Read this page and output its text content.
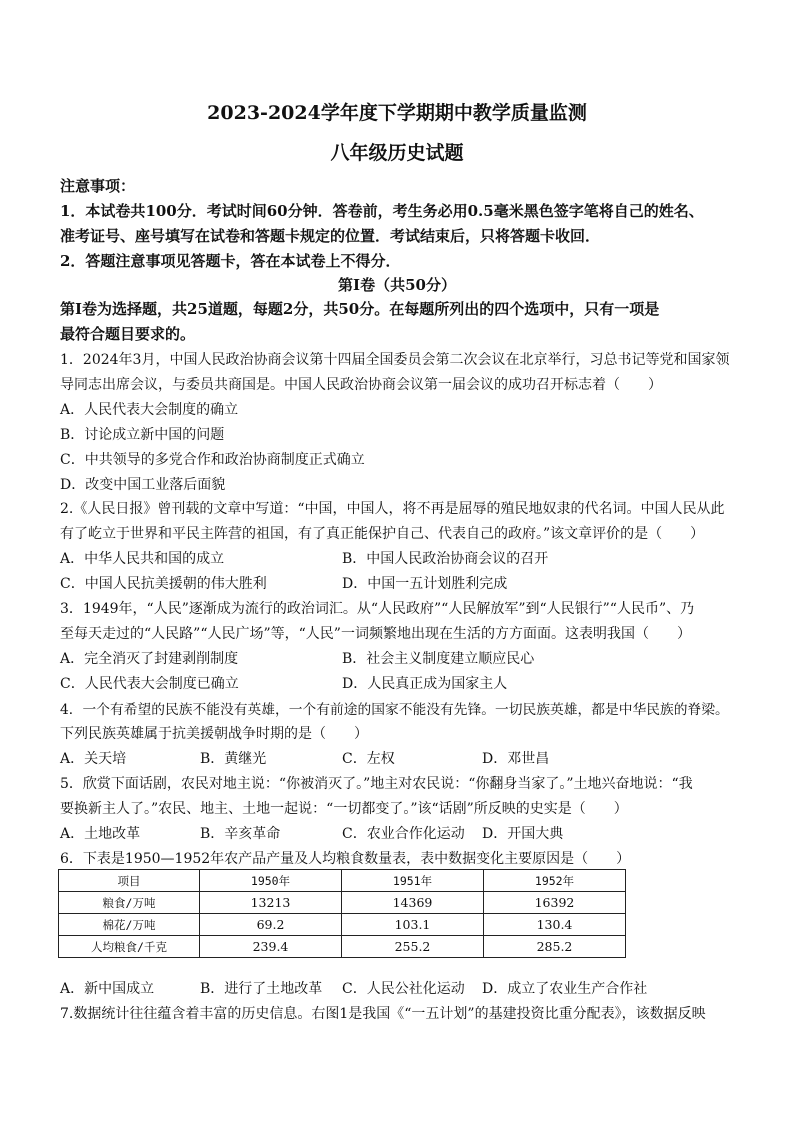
2023-2024学年度下学期期中教学质量监测
八年级历史试题
注意事项：
1．本试卷共100分．考试时间60分钟．答卷前，考生务必用0.5毫米黑色签字笔将自己的姓名、
准考证号、座号填写在试卷和答题卡规定的位置．考试结束后，只将答题卡收回．
2．答题注意事项见答题卡，答在本试卷上不得分．
第Ⅰ卷（共50分）
第Ⅰ卷为选择题，共25道题，每题2分，共50分。在每题所列出的四个选项中，只有一项是
最符合题目要求的。
1．2024年3月，中国人民政治协商会议第十四届全国委员会第二次会议在北京举行，习总书记等党和国家领
导同志出席会议，与委员共商国是。中国人民政治协商会议第一届会议的成功召开标志着（　　）
A．人民代表大会制度的确立
B．讨论成立新中国的问题
C．中共领导的多党合作和政治协商制度正式确立
D．改变中国工业落后面貌
2.《人民日报》曾刊载的文章中写道：“中国，中国人，将不再是屈辱的殖民地奴隶的代名词。中国人民从此
有了屹立于世界和平民主阵营的祖国，有了真正能保护自己、代表自己的政府。”该文章评价的是（　　）
A．中华人民共和国的成立	B．中国人民政治协商会议的召开
C．中国人民抗美援朝的伟大胜利	D．中国一五计划胜利完成
3．1949年，“人民”逐渐成为流行的政治词汇。从“人民政府”“人民解放军”到“人民银行”“人民币”、乃
至每天走过的“人民路”“人民广场”等，“人民”一词频繁地出现在生活的方方面面。这表明我国（　　）
A．完全消灭了封建剥削制度	B．社会主义制度建立顺应民心
C．人民代表大会制度已确立	D．人民真正成为国家主人
4．一个有希望的民族不能没有英雄，一个有前途的国家不能没有先锋。一切民族英雄，都是中华民族的脊梁。
下列民族英雄属于抗美援朝战争时期的是（　　）
A．关天培	B．黄继光	C．左权	D．邓世昌
5．欣赏下面话剧，农民对地主说：“你被消灭了。”地主对农民说：“你翻身当家了。”土地兴奋地说：“我
要换新主人了。”农民、地主、土地一起说：“一切都变了。”该“话剧”所反映的史实是（　　）
A．土地改革	B．辛亥革命	C．农业合作化运动 D．开国大典
6．下表是1950—1952年农产品产量及人均粮食数量表，表中数据变化主要原因是（　　）
项目	1950年	1951年	1952年
粮食/万吨	13213	14369	16392
棉花/万吨	69.2	103.1	130.4
人均粮食/千克	239.4	255.2	285.2
A．新中国成立	B．进行了土地改革 C．人民公社化运动 D．成立了农业生产合作社
7.数据统计往往蕴含着丰富的历史信息。右图1是我国《“一五计划”的基建投资比重分配表》，该数据反映
